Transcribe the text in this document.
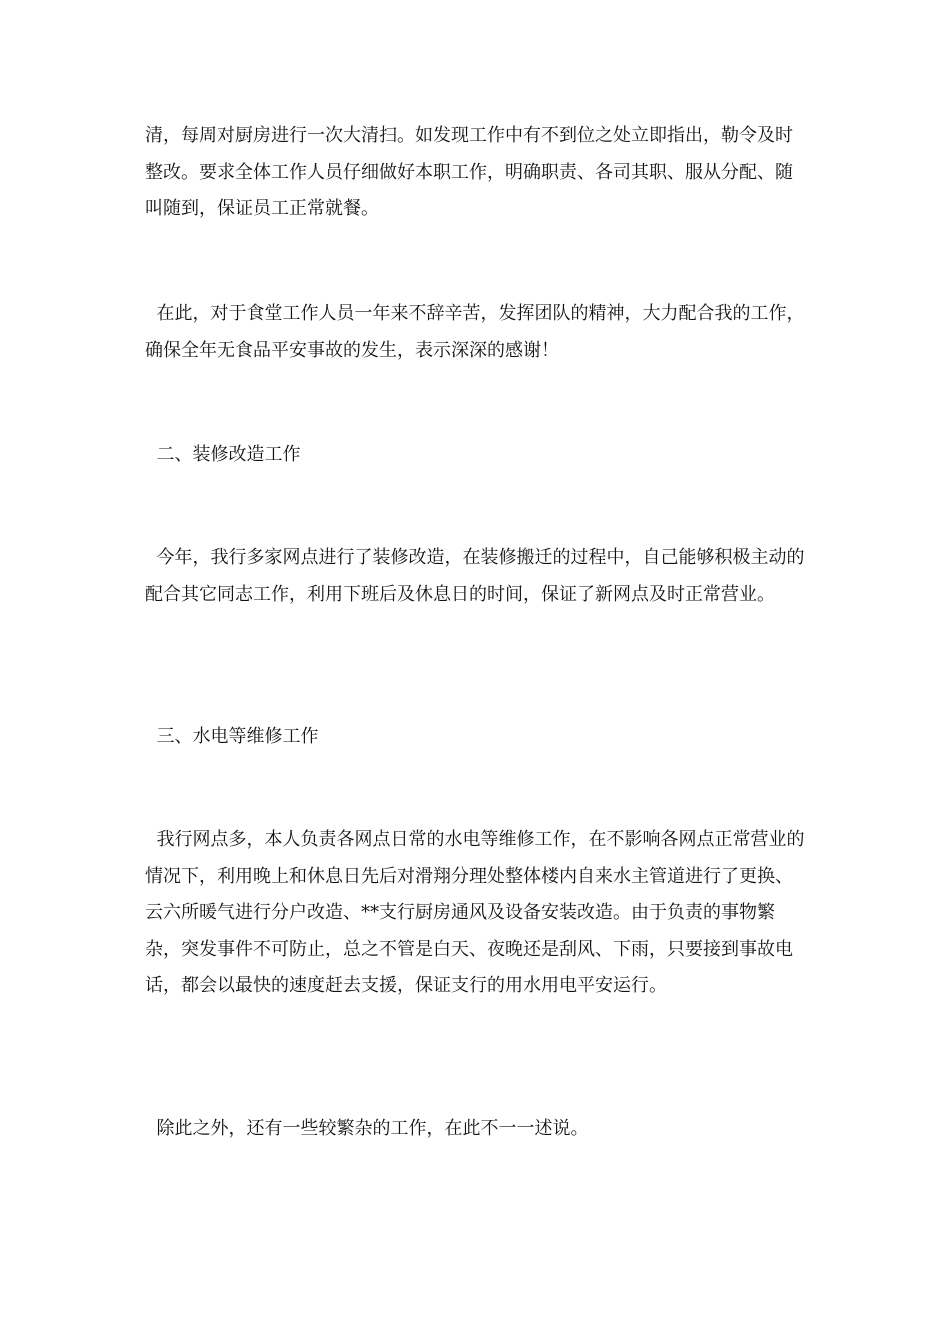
清，每周对厨房进行一次大清扫。如发现工作中有不到位之处立即指出，勒令及时整改。要求全体工作人员仔细做好本职工作，明确职责、各司其职、服从分配、随叫随到，保证员工正常就餐。

在此，对于食堂工作人员一年来不辞辛苦，发挥团队的精神，大力配合我的工作，确保全年无食品平安事故的发生，表示深深的感谢！

二、装修改造工作

今年，我行多家网点进行了装修改造，在装修搬迁的过程中，自己能够积极主动的配合其它同志工作，利用下班后及休息日的时间，保证了新网点及时正常营业。

三、水电等维修工作

我行网点多，本人负责各网点日常的水电等维修工作，在不影响各网点正常营业的情况下，利用晚上和休息日先后对滑翔分理处整体楼内自来水主管道进行了更换、云六所暖气进行分户改造、**支行厨房通风及设备安装改造。由于负责的事物繁杂，突发事件不可防止，总之不管是白天、夜晚还是刮风、下雨，只要接到事故电话，都会以最快的速度赶去支援，保证支行的用水用电平安运行。

除此之外，还有一些较繁杂的工作，在此不一一述说。
